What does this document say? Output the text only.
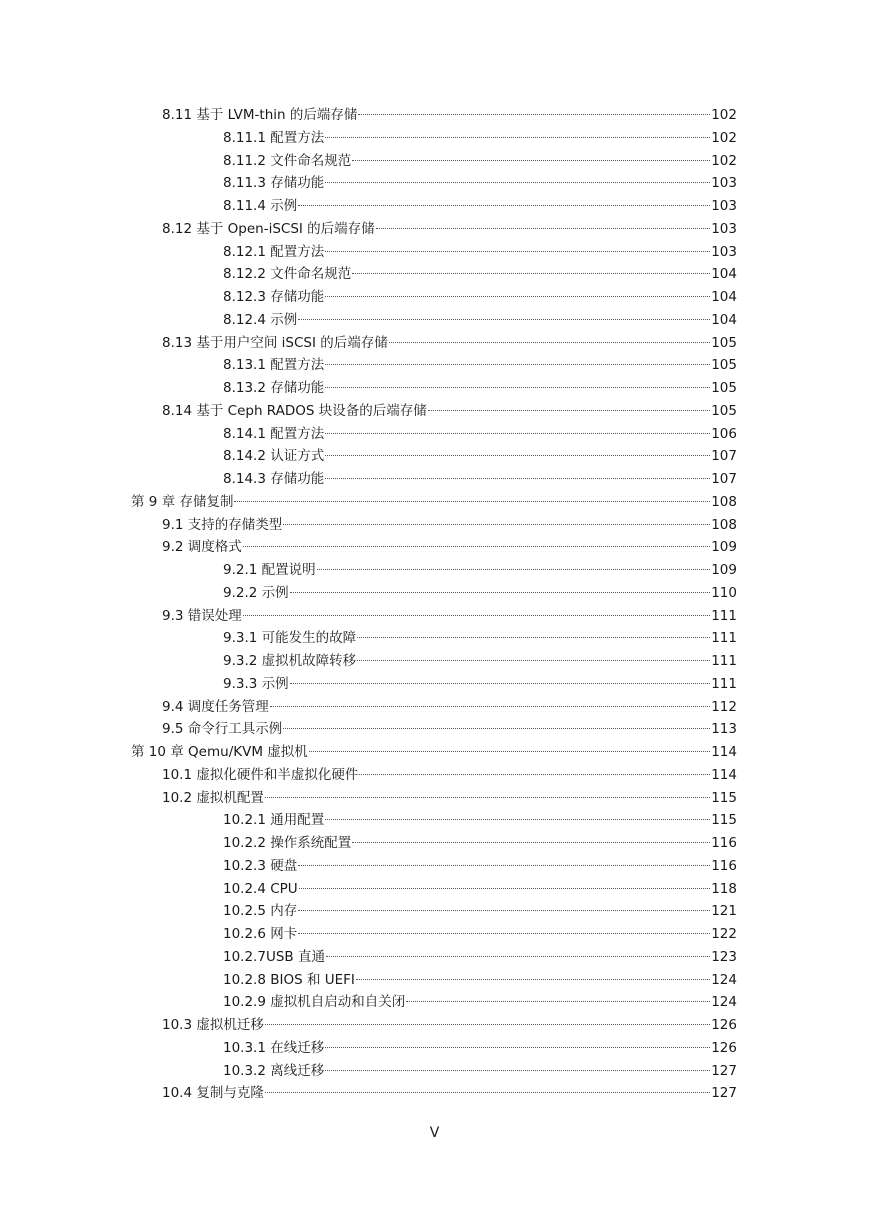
8.11 基于 LVM-thin 的后端存储	102
8.11.1 配置方法	102
8.11.2 文件命名规范	102
8.11.3 存储功能	103
8.11.4 示例	103
8.12 基于 Open-iSCSI 的后端存储	103
8.12.1 配置方法	103
8.12.2 文件命名规范	104
8.12.3 存储功能	104
8.12.4 示例	104
8.13 基于用户空间 iSCSI 的后端存储	105
8.13.1 配置方法	105
8.13.2 存储功能	105
8.14 基于 Ceph RADOS 块设备的后端存储	105
8.14.1 配置方法	106
8.14.2 认证方式	107
8.14.3 存储功能	107
第 9 章 存储复制	108
9.1 支持的存储类型	108
9.2 调度格式	109
9.2.1 配置说明	109
9.2.2 示例	110
9.3 错误处理	111
9.3.1 可能发生的故障	111
9.3.2 虚拟机故障转移	111
9.3.3 示例	111
9.4 调度任务管理	112
9.5 命令行工具示例	113
第 10 章 Qemu/KVM 虚拟机	114
10.1 虚拟化硬件和半虚拟化硬件	114
10.2 虚拟机配置	115
10.2.1 通用配置	115
10.2.2 操作系统配置	116
10.2.3 硬盘	116
10.2.4 CPU	118
10.2.5 内存	121
10.2.6 网卡	122
10.2.7USB 直通	123
10.2.8 BIOS 和 UEFI	124
10.2.9 虚拟机自启动和自关闭	124
10.3 虚拟机迁移	126
10.3.1 在线迁移	126
10.3.2 离线迁移	127
10.4 复制与克隆	127
V
